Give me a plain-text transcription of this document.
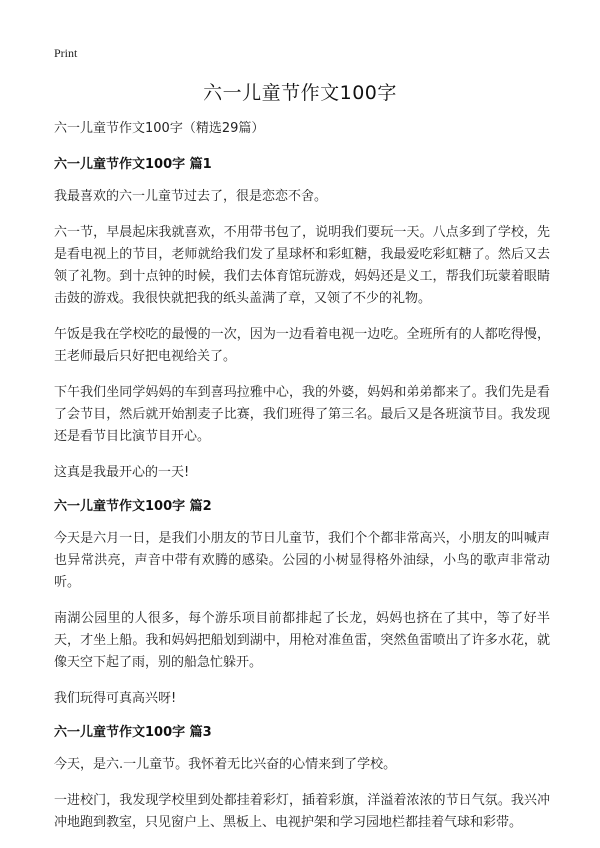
Print
六一儿童节作文100字

六一儿童节作文100字（精选29篇）

六一儿童节作文100字 篇1

我最喜欢的六一儿童节过去了，很是恋恋不舍。

六一节，早晨起床我就喜欢，不用带书包了，说明我们要玩一天。八点多到了学校，先是看电视上的节目，老师就给我们发了星球杯和彩虹糖，我最爱吃彩虹糖了。然后又去领了礼物。到十点钟的时候，我们去体育馆玩游戏，妈妈还是义工，帮我们玩蒙着眼睛击鼓的游戏。我很快就把我的纸头盖满了章，又领了不少的礼物。

午饭是我在学校吃的最慢的一次，因为一边看着电视一边吃。全班所有的人都吃得慢，王老师最后只好把电视给关了。

下午我们坐同学妈妈的车到喜玛拉雅中心，我的外婆，妈妈和弟弟都来了。我们先是看了会节目，然后就开始割麦子比赛，我们班得了第三名。最后又是各班演节目。我发现还是看节目比演节目开心。

这真是我最开心的一天!

六一儿童节作文100字 篇2

今天是六月一日，是我们小朋友的节日儿童节，我们个个都非常高兴，小朋友的叫喊声也异常洪亮，声音中带有欢腾的感染。公园的小树显得格外油绿，小鸟的歌声非常动听。

南湖公园里的人很多，每个游乐项目前都排起了长龙，妈妈也挤在了其中，等了好半天，才坐上船。我和妈妈把船划到湖中，用枪对准鱼雷，突然鱼雷喷出了许多水花，就像天空下起了雨，别的船急忙躲开。

我们玩得可真高兴呀!

六一儿童节作文100字 篇3

今天，是六.一儿童节。我怀着无比兴奋的心情来到了学校。

一进校门，我发现学校里到处都挂着彩灯，插着彩旗，洋溢着浓浓的节日气氛。我兴冲冲地跑到教室，只见窗户上、黑板上、电视护架和学习园地栏都挂着气球和彩带。
